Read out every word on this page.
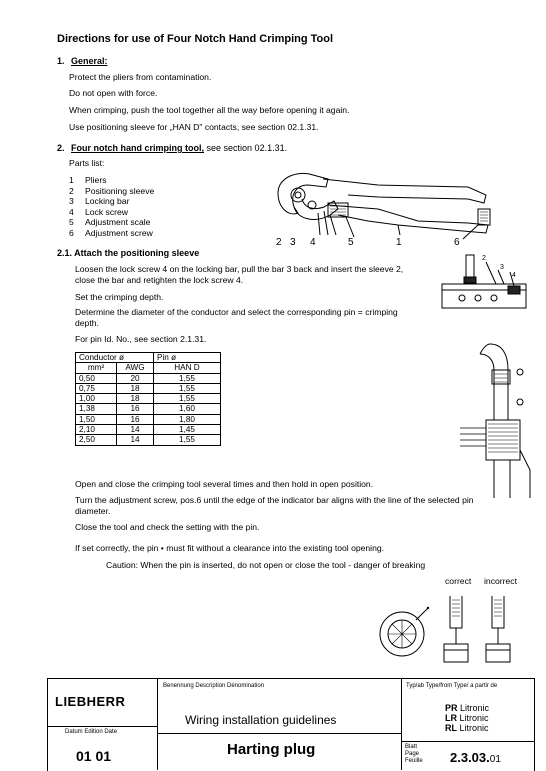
Directions for use of Four Notch Hand Crimping Tool
1. General:
Protect the pliers from contamination.
Do not open with force.
When crimping, push the tool together all the way before opening it again.
Use positioning sleeve for „HAN D" contacts, see section 02.1.31.
2. Four notch hand crimping tool, see section 02.1.31.
Parts list:
1 Pliers
2 Positioning sleeve
3 Locking bar
4 Lock screw
5 Adjustment scale
6 Adjustment screw
2 3 4	5	1	6
2.1. Attach the positioning sleeve
Loosen the lock screw 4 on the locking bar, pull the bar 3 back and insert the sleeve 2,
close the bar and retighten the lock screw 4.
Set the crimping depth.
Determine the diameter of the conductor and select the corresponding pin = crimping
depth.
For pin Id. No., see section 2.1.31.
2
3
4
Conductor ø		Pin ø
mm²	AWG	HAN D
0,50	20	1,55
0,75	18	1,55
1,00	18	1,55
1,38	16	1,60
1,50	16	1,80
2,10	14	1,45
2,50	14	1,55
Open and close the crimping tool several times and then hold in open position.
Turn the adjustment screw, pos.6 until the edge of the indicator bar aligns with the line of the selected pin
diameter.
Close the tool and check the setting with the pin.
If set correctly, the pin • must fit without a clearance into the existing tool opening.
Caution: When the pin is inserted, do not open or close the tool - danger of breaking
correct incorrect
LIEBHERR
Benennung Description Dénomination	Typ/ab Type/from Type/ a partir de
Wiring installation guidelines
Harting plug
PR Litronic
LR Litronic
RL Litronic
Datum Edition Date
01 01
Blatt
Page
Feuille 2.3.03.01
